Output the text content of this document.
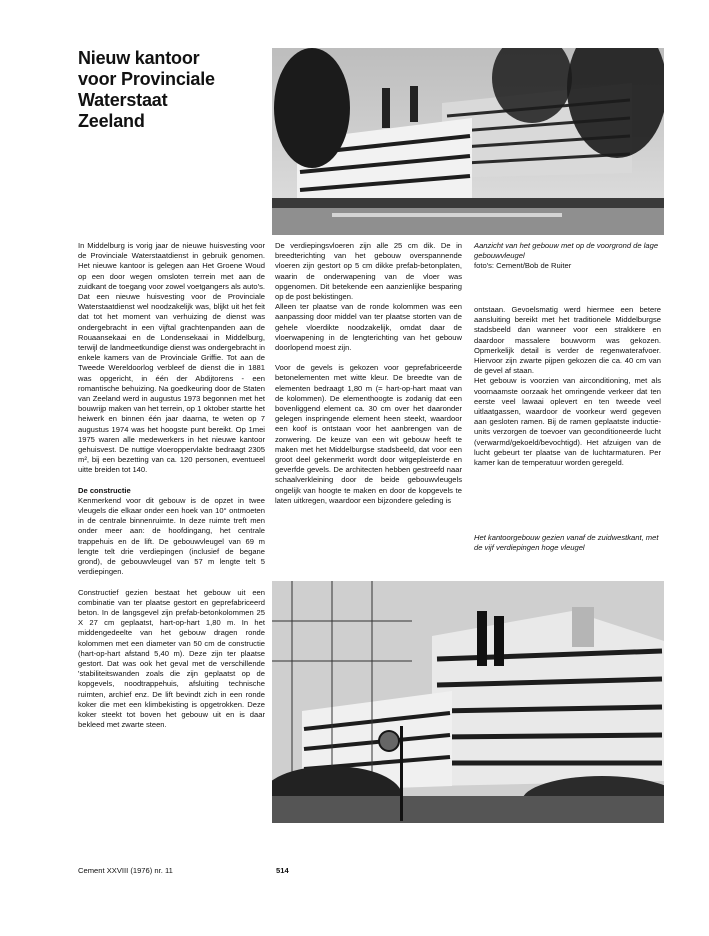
Nieuw kantoor
voor Provinciale
Waterstaat
Zeeland

In Middelburg is vorig jaar de nieuwe huisvesting voor de Provinciale Waterstaatdienst in gebruik genomen. Het nieuwe kantoor is gelegen aan Het Groene Woud op een door wegen omsloten terrein met aan de zuidkant de toegang voor zowel voetgangers als auto's. Dat een nieuwe huisvesting voor de Provinciale Waterstaatdienst wel noodzakelijk was, blijkt uit het feit dat tot het moment van verhuizing de dienst was ondergebracht in een vijftal grachtenpanden aan de Rouaansekaai en de Londensekaai in Middelburg, terwijl de landmeetkundige dienst was ondergebracht in enkele kamers van de Provinciale Griffie. Tot aan de Tweede Wereldoorlog verbleef de dienst die in 1881 was opgericht, in één der Abdijtorens - een romantische behuizing. Na goedkeuring door de Staten van Zeeland werd in augustus 1973 begonnen met het bouwrijp maken van het terrein, op 1 oktober startte het heiwerk en binnen één jaar daarna, te weten op 7 augustus 1974 was het hoogste punt bereikt. Op 1mei 1975 waren alle medewerkers in het nieuwe kantoor gehuisvest. De nuttige vloeroppervlakte bedraagt 2305 m², bij een bezetting van ca. 120 personen, eventueel uitte breiden tot 140.

De constructie

Kenmerkend voor dit gebouw is de opzet in twee vleugels die elkaar onder een hoek van 10° ontmoeten in de centrale binnenruimte. In deze ruimte treft men onder meer aan: de hoofdingang, het centrale trappehuis en de lift. De gebouwvleugel van 69 m lengte telt drie verdiepingen (inclusief de begane grond), de gebouwvleugel van 57 m lengte telt 5 verdiepingen.

Constructief gezien bestaat het gebouw uit een combinatie van ter plaatse gestort en geprefabriceerd beton. In de langsgevel zijn prefab-betonkolommen 25 X 27 cm geplaatst, hart-op-hart 1,80 m. In het middengedeelte van het gebouw dragen ronde kolommen met een diameter van 50 cm de constructie (hart-op-hart afstand 5,40 m). Deze zijn ter plaatse gestort. Dat was ook het geval met de verschillende 'stabiliteitswanden zoals die zijn geplaatst op de kopgevels, noodtrappehuis, afsluiting technische ruimten, archief enz. De lift bevindt zich in een ronde koker die met een klimbekisting is opgetrokken. Deze koker steekt tot boven het gebouw uit en is daar bekleed met zwarte steen.

De verdiepingsvloeren zijn alle 25 cm dik. De in breedterichting van het gebouw overspannende vloeren zijn gestort op 5 cm dikke prefab-betonplaten, waarin de onderwapening van de vloer was opgenomen. Dit betekende een aanzienlijke besparing op de post bekistingen.

Alleen ter plaatse van de ronde kolommen was een aanpassing door middel van ter plaatse storten van de gehele vloerdikte noodzakelijk, omdat daar de vloerwapening in de lengterichting van het gebouw doorlopend moest zijn.

Voor de gevels is gekozen voor geprefabriceerde betonelementen met witte kleur. De breedte van de elementen bedraagt 1,80 m (= hart-op-hart maat van de kolommen). De elementhoogte is zodanig dat een bovenliggend element ca. 30 cm over het daaronder gelegen inspringende element heen steekt, waardoor een koof is ontstaan voor het aanbrengen van de zonwering. De keuze van een wit gebouw heeft te maken met het Middelburgse stadsbeeld, dat voor een groot deel gekenmerkt wordt door witgepleisterde en geverfde gevels. De architecten hebben gestreefd naar schaalverkleining door de beide gebouwvleugels ongelijk van hoogte te maken en door de kopgevels te laten uitkregen, waardoor een bijzondere geleding is

Aanzicht van het gebouw met op de voorgrond de lage gebouwvleugel
foto's: Cement/Bob de Ruiter

ontstaan. Gevoelsmatig werd hiermee een betere aansluiting bereikt met het traditionele Middelburgse stadsbeeld dan wanneer voor een strakkere en daardoor massalere bouwvorm was gekozen. Opmerkelijk detail is verder de regenwaterafvoer. Hiervoor zijn zwarte pijpen gekozen die ca. 40 cm van de gevel af staan.

Het gebouw is voorzien van airconditioning, met als voornaamste oorzaak het omringende verkeer dat ten eerste veel lawaai oplevert en ten tweede veel uitlaatgassen, waardoor de voorkeur werd gegeven aan gesloten ramen. Bij de ramen geplaatste inductie-units verzorgen de toevoer van geconditioneerde lucht (verwarmd/gekoeld/bevochtigd). Het afzuigen van de lucht gebeurt ter plaatse van de luchtarmaturen. Per kamer kan de temperatuur worden geregeld.

Het kantoorgebouw gezien vanaf de zuidwestkant, met de vijf verdiepingen hoge vleugel
Cement XXVIII (1976) nr. 11	514
